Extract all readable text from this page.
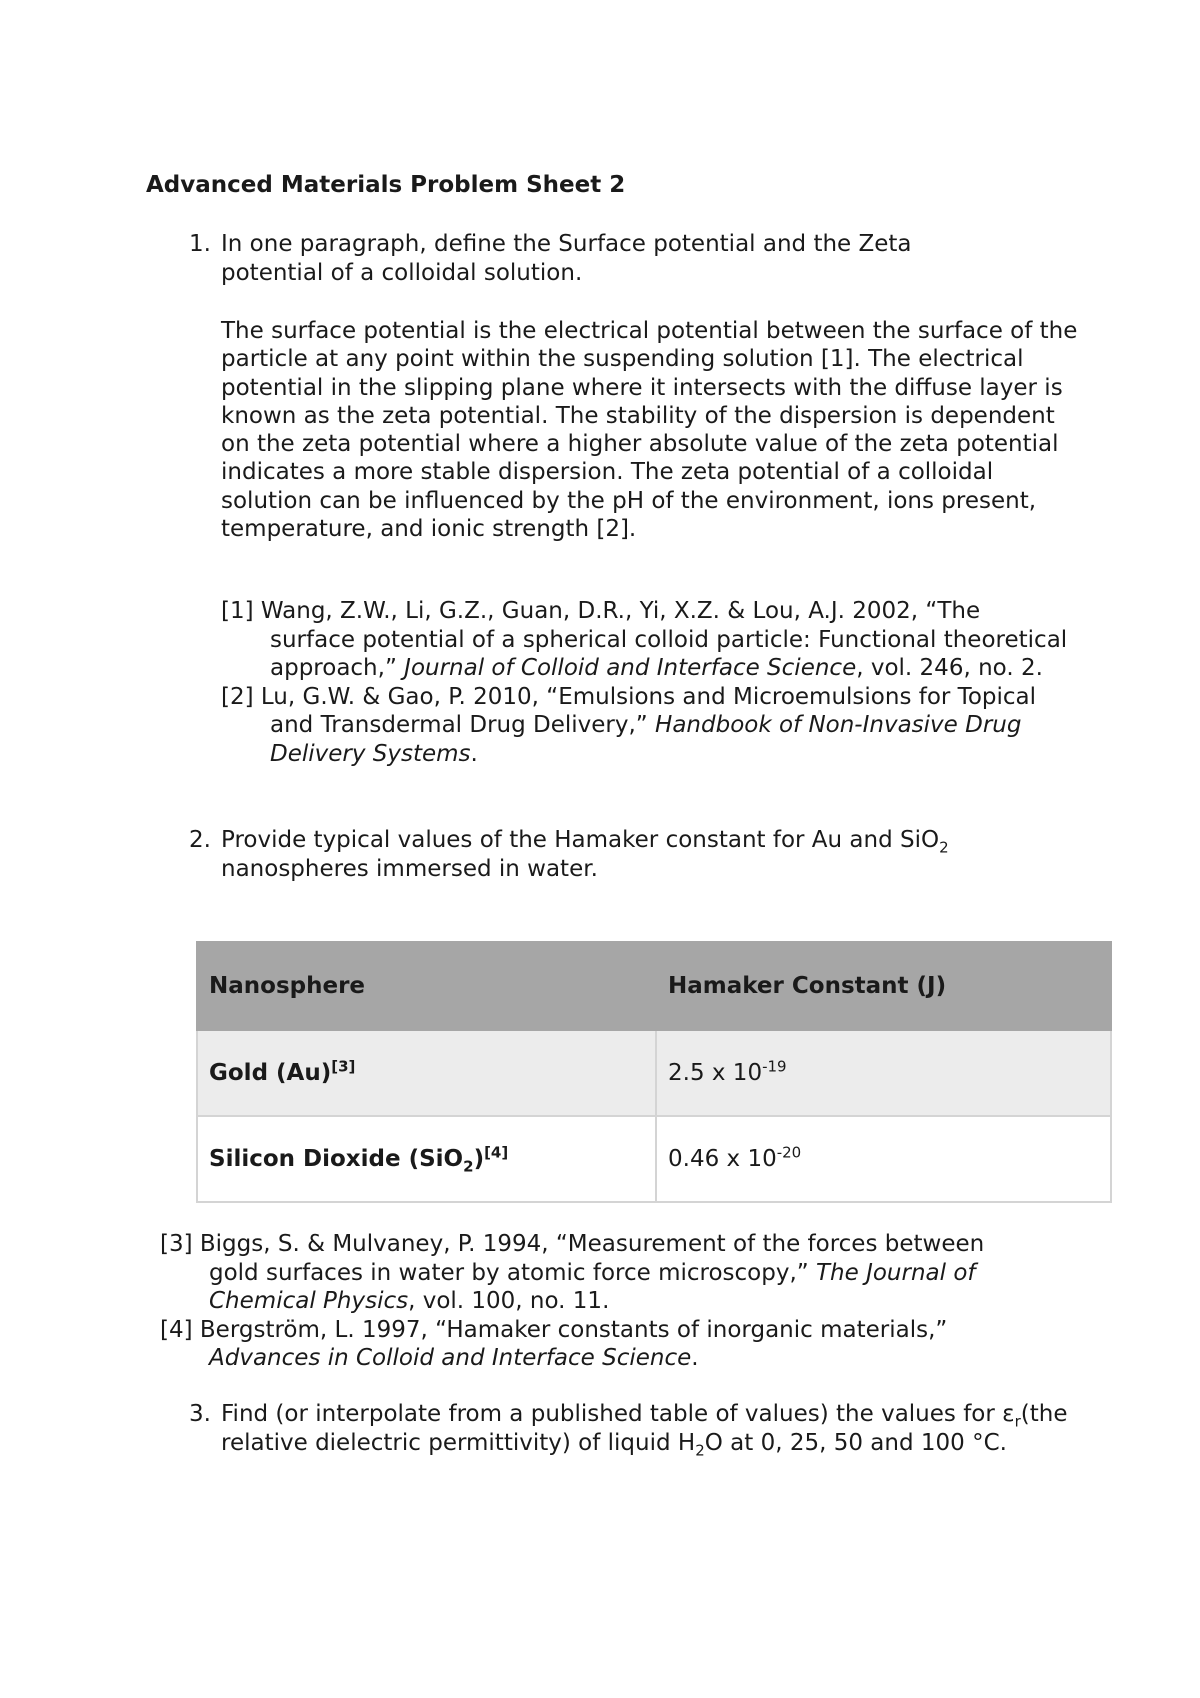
Advanced Materials Problem Sheet 2
1. In one paragraph, define the Surface potential and the Zeta potential of a colloidal solution.
The surface potential is the electrical potential between the surface of the particle at any point within the suspending solution [1]. The electrical potential in the slipping plane where it intersects with the diffuse layer is known as the zeta potential. The stability of the dispersion is dependent on the zeta potential where a higher absolute value of the zeta potential indicates a more stable dispersion. The zeta potential of a colloidal solution can be influenced by the pH of the environment, ions present, temperature, and ionic strength [2].
[1] Wang, Z.W., Li, G.Z., Guan, D.R., Yi, X.Z. & Lou, A.J. 2002, “The surface potential of a spherical colloid particle: Functional theoretical approach,” Journal of Colloid and Interface Science, vol. 246, no. 2.
[2] Lu, G.W. & Gao, P. 2010, “Emulsions and Microemulsions for Topical and Transdermal Drug Delivery,” Handbook of Non-Invasive Drug Delivery Systems.
2. Provide typical values of the Hamaker constant for Au and SiO$_2$ nanospheres immersed in water.
Nanosphere	Hamaker Constant (J)
Gold (Au)[3]	2.5 x $10^{-19}$
Silicon Dioxide (SiO$_2$)[4]	0.46 x $10^{-20}$
[3] Biggs, S. & Mulvaney, P. 1994, “Measurement of the forces between gold surfaces in water by atomic force microscopy,” The Journal of Chemical Physics, vol. 100, no. 11.
[4] Bergström, L. 1997, “Hamaker constants of inorganic materials,” Advances in Colloid and Interface Science.
3. Find (or interpolate from a published table of values) the values for $\varepsilon_r(the$ relative dielectric permittivity) of liquid $H_2O$ at 0, 25, 50 and 100 °C.
